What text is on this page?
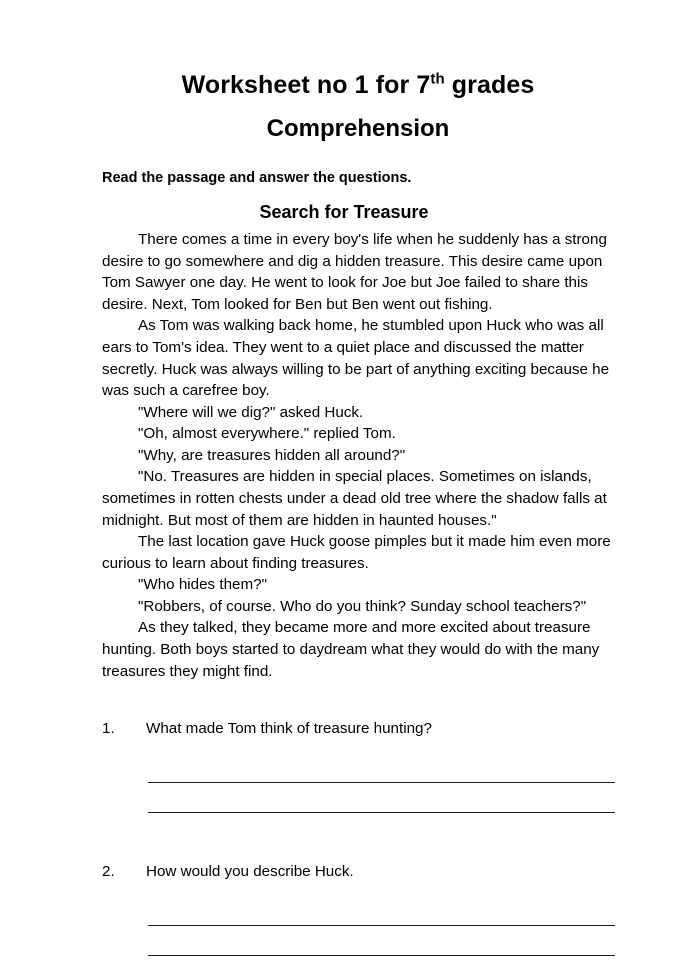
Worksheet no 1 for 7th grades
Comprehension
Read the passage and answer the questions.
Search for Treasure

There comes a time in every boy's life when he suddenly has a strong desire to go somewhere and dig a hidden treasure. This desire came upon Tom Sawyer one day. He went to look for Joe but Joe failed to share this desire. Next, Tom looked for Ben but Ben went out fishing.

As Tom was walking back home, he stumbled upon Huck who was all ears to Tom's idea. They went to a quiet place and discussed the matter secretly. Huck was always willing to be part of anything exciting because he was such a carefree boy.

"Where will we dig?" asked Huck.

"Oh, almost everywhere." replied Tom.

"Why, are treasures hidden all around?"

"No. Treasures are hidden in special places. Sometimes on islands, sometimes in rotten chests under a dead old tree where the shadow falls at midnight. But most of them are hidden in haunted houses."

The last location gave Huck goose pimples but it made him even more curious to learn about finding treasures.

"Who hides them?"

"Robbers, of course. Who do you think? Sunday school teachers?"

As they talked, they became more and more excited about treasure hunting. Both boys started to daydream what they would do with the many treasures they might find.

1.	What made Tom think of treasure hunting?
2.	How would you describe Huck.
